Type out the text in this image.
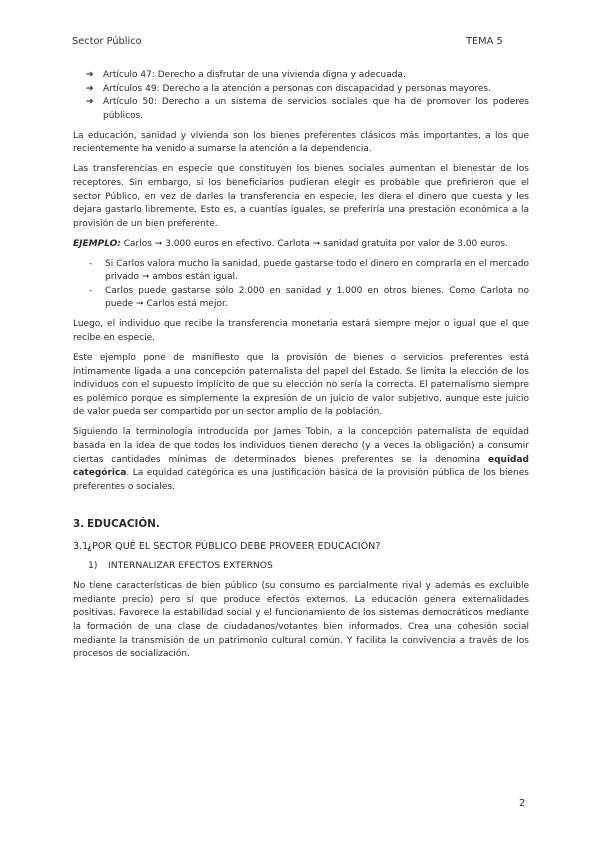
Sector Público	TEMA 5
➔ Artículo 47: Derecho a disfrutar de una vivienda digna y adecuada.
➔ Artículos 49: Derecho a la atención a personas con discapacidad y personas mayores.
➔ Artículo 50: Derecho a un sistema de servicios sociales que ha de promover los poderes públicos.

La educación, sanidad y vivienda son los bienes preferentes clásicos más importantes, a los que recientemente ha venido a sumarse la atención a la dependencia.

Las transferencias en especie que constituyen los bienes sociales aumentan el bienestar de los receptores. Sin embargo, si los beneficiarios pudieran elegir es probable que prefirieron que el sector Público, en vez de darles la transferencia en especie, les diera el dinero que cuesta y les dejara gastarlo libremente. Esto es, a cuantías iguales, se preferiría una prestación económica a la provisión de un bien preferente.

EJEMPLO: Carlos ➞ 3.000 euros en efectivo. Carlota ➞ sanidad gratuita por valor de 3.00 euros.

- Si Carlos valora mucho la sanidad, puede gastarse todo el dinero en comprarla en el mercado privado ➞ ambos están igual.
- Carlos puede gastarse sólo 2.000 en sanidad y 1.000 en otros bienes. Como Carlota no puede ➞ Carlos está mejor.

Luego, el individuo que recibe la transferencia monetaria estará siempre mejor o igual que el que recibe en especie.

Este ejemplo pone de manifiesto que la provisión de bienes o servicios preferentes está íntimamente ligada a una concepción paternalista del papel del Estado. Se limita la elección de los individuos con el supuesto implícito de que su elección no sería la correcta. El paternalismo siempre es polémico porque es simplemente la expresión de un juicio de valor subjetivo, aunque este juicio de valor pueda ser compartido por un sector amplio de la población.

Siguiendo la terminología introducida por James Tobin, a la concepción paternalista de equidad basada en la idea de que todos los individuos tienen derecho (y a veces la obligación) a consumir ciertas cantidades mínimas de determinados bienes preferentes se la denomina equidad categórica. La equidad categórica es una justificación básica de la provisión pública de los bienes preferentes o sociales.

3. EDUCACIÓN.

3.1.¿POR QUÉ EL SECTOR PÚBLICO DEBE PROVEER EDUCACIÓN?

1) INTERNALIZAR EFECTOS EXTERNOS

No tiene características de bien público (su consumo es parcialmente rival y además es excluible mediante precio) pero sí que produce efectos externos. La educación genera externalidades positivas. Favorece la estabilidad social y el funcionamiento de los sistemas democráticos mediante la formación de una clase de ciudadanos/votantes bien informados. Crea una cohesión social mediante la transmisión de un patrimonio cultural común. Y facilita la convivencia a través de los procesos de socialización.

2
